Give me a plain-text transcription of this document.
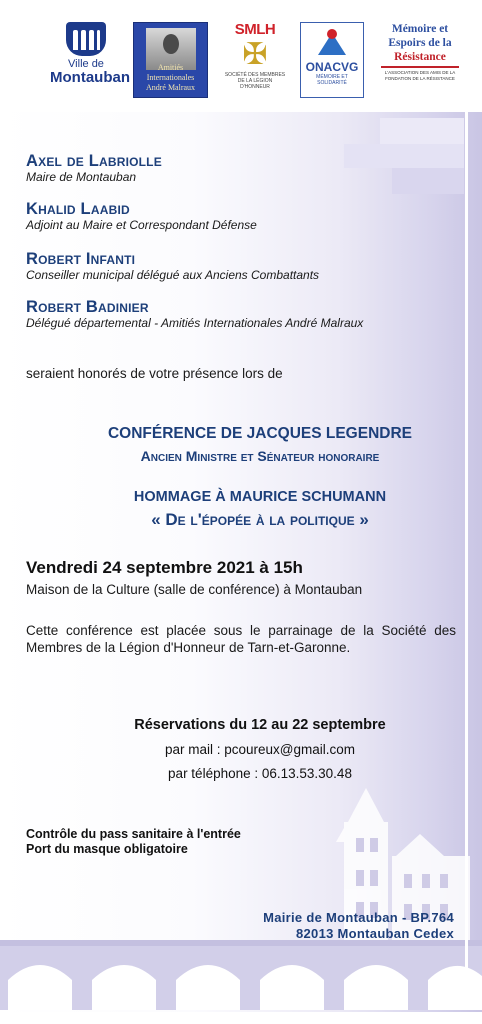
Ville de
Montauban
Amitiés
Internationales
André Malraux
SMLH
✠
SOCIÉTÉ DES MEMBRES DE LA LÉGION D'HONNEUR
ONACVG
MÉMOIRE ET SOLIDARITÉ
Mémoire et
Espoirs de la
Résistance
L'ASSOCIATION DES AMIS DE LA FONDATION DE LA RÉSISTANCE
Axel de Labriolle
Maire de Montauban
Khalid Laabid
Adjoint au Maire et Correspondant Défense
Robert Infanti
Conseiller municipal délégué aux Anciens Combattants
Robert Badinier
Délégué départemental - Amitiés Internationales André Malraux
seraient honorés de votre présence lors de
CONFÉRENCE DE JACQUES LEGENDRE
Ancien Ministre et Sénateur honoraire
HOMMAGE À MAURICE SCHUMANN
« De l'épopée à la politique »
Vendredi 24 septembre 2021 à 15h
Maison de la Culture (salle de conférence) à Montauban
Cette conférence est placée sous le parrainage de la Société des Membres de la Légion d'Honneur de Tarn-et-Garonne.
Réservations du 12 au 22 septembre
par mail : pcoureux@gmail.com
par téléphone : 06.13.53.30.48
Contrôle du pass sanitaire à l'entrée
Port du masque obligatoire
Mairie de Montauban - BP.764
82013 Montauban Cedex
